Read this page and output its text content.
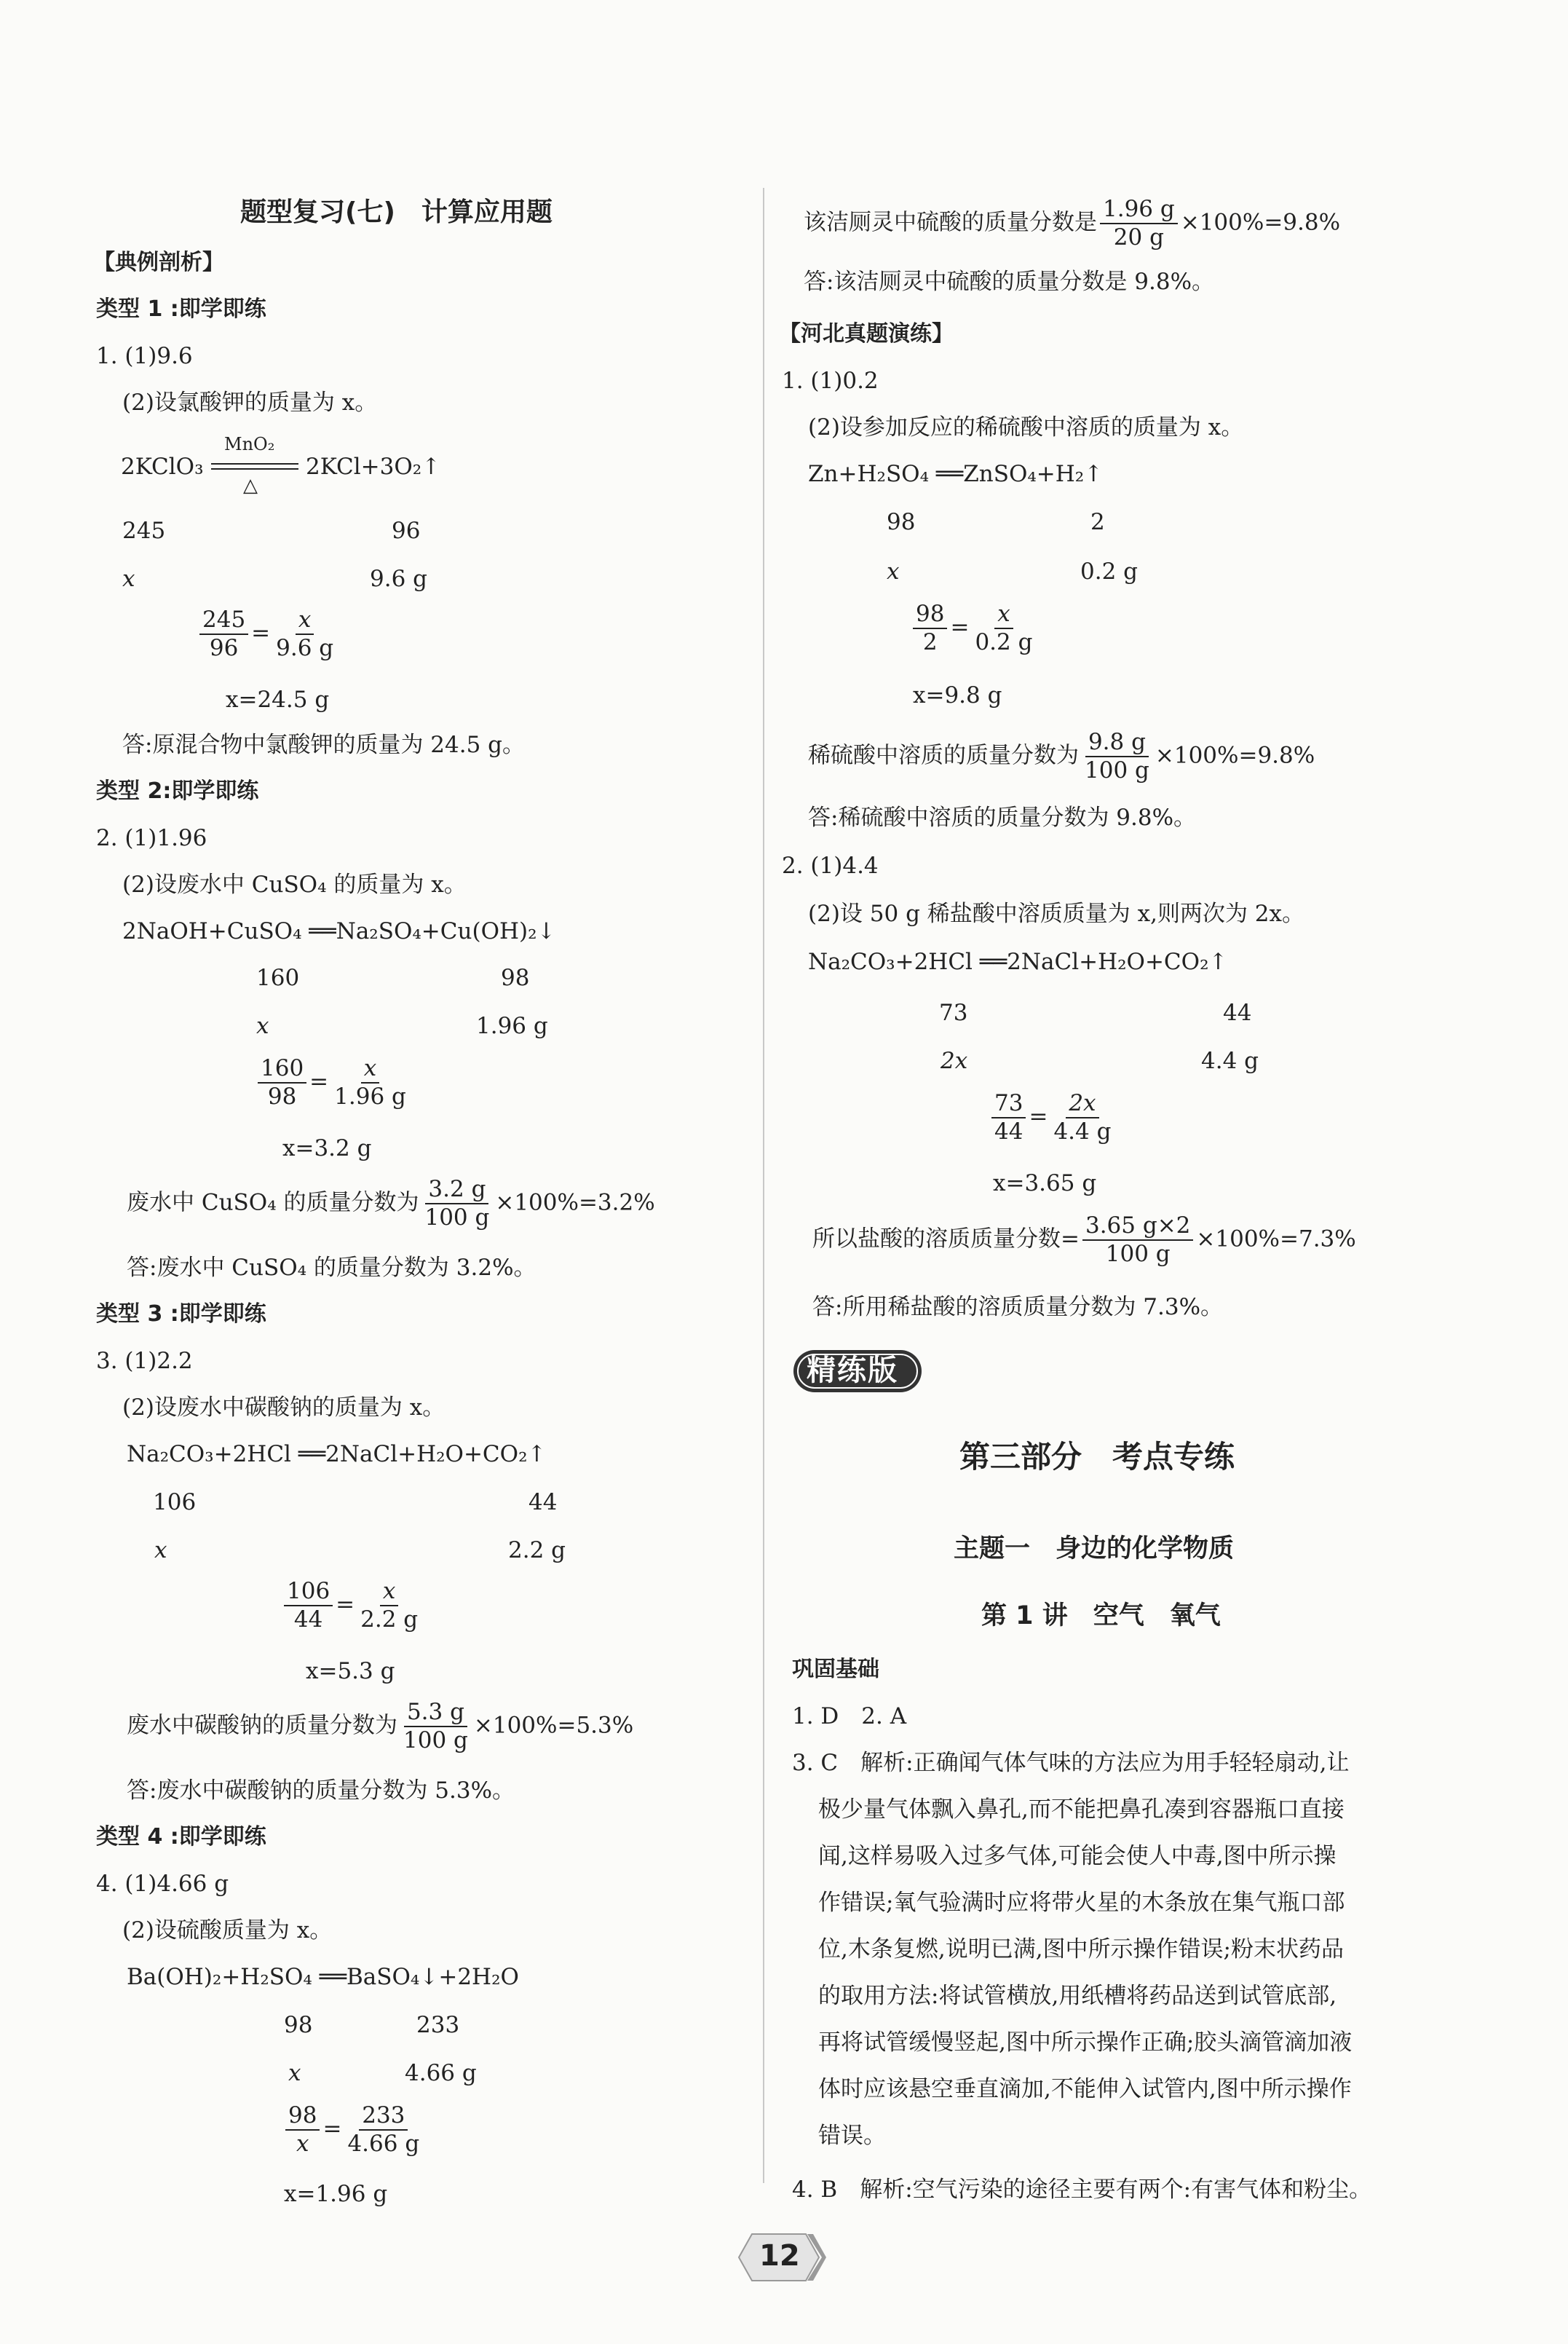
题型复习(七)　计算应用题
【典例剖析】
类型 1 :即学即练
1. (1)9.6
(2)设氯酸钾的质量为 x。
2KClO₃
MnO₂
△
2KCl+3O₂↑
245	96
x	9.6 g
$\frac{245}{96} = \frac{x}{9.6 g}$
x=24.5 g
答:原混合物中氯酸钾的质量为 24.5 g。
类型 2:即学即练
2. (1)1.96
(2)设废水中 CuSO₄ 的质量为 x。
2NaOH+CuSO₄ ══Na₂SO₄+Cu(OH)₂↓
160	98
x	1.96 g
$\frac{160}{98} = \frac{x}{1.96 g}$
x=3.2 g
废水中 CuSO₄ 的质量分数为 $\frac{3.2 g}{100 g} \times 100\%=3.2\%$
答:废水中 CuSO₄ 的质量分数为 3.2%。
类型 3 :即学即练
3. (1)2.2
(2)设废水中碳酸钠的质量为 x。
Na₂CO₃+2HCl ══2NaCl+H₂O+CO₂↑
106	44
x	2.2 g
$\frac{106}{44} = \frac{x}{2.2 g}$
x=5.3 g
废水中碳酸钠的质量分数为 $\frac{5.3 g}{100 g} \times 100\%=5.3\%$
答:废水中碳酸钠的质量分数为 5.3%。
类型 4 :即学即练
4. (1)4.66 g
(2)设硫酸质量为 x。
Ba(OH)₂+H₂SO₄ ══BaSO₄↓+2H₂O
98	233
x	4.66 g
$\frac{98}{x} = \frac{233}{4.66 g}$
x=1.96 g
该洁厕灵中硫酸的质量分数是 $\frac{1.96 g}{20 g} \times 100\%=9.8\%$
答:该洁厕灵中硫酸的质量分数是 9.8%。
【河北真题演练】
1. (1)0.2
(2)设参加反应的稀硫酸中溶质的质量为 x。
Zn+H₂SO₄ ══ZnSO₄+H₂↑
98	2
x	0.2 g
$\frac{98}{2} = \frac{x}{0.2 g}$
x=9.8 g
稀硫酸中溶质的质量分数为 $\frac{9.8 g}{100 g} \times 100\%=9.8\%$
答:稀硫酸中溶质的质量分数为 9.8%。
2. (1)4.4
(2)设 50 g 稀盐酸中溶质质量为 x,则两次为 2x。
Na₂CO₃+2HCl ══2NaCl+H₂O+CO₂↑
73	44
2x	4.4 g
$\frac{73}{44} = \frac{2x}{4.4 g}$
x=3.65 g
所以盐酸的溶质质量分数= $\frac{3.65 g\times 2}{100 g} \times 100\%=7.3\%$
答:所用稀盐酸的溶质质量分数为 7.3%。
精练版
第三部分　考点专练
主题一　身边的化学物质
第 1 讲　空气　氧气
巩固基础
1. D　2. A
3. C　解析:正确闻气体气味的方法应为用手轻轻扇动,让
极少量气体飘入鼻孔,而不能把鼻孔凑到容器瓶口直接
闻,这样易吸入过多气体,可能会使人中毒,图中所示操
作错误;氧气验满时应将带火星的木条放在集气瓶口部
位,木条复燃,说明已满,图中所示操作错误;粉末状药品
的取用方法:将试管横放,用纸槽将药品送到试管底部,
再将试管缓慢竖起,图中所示操作正确;胶头滴管滴加液
体时应该悬空垂直滴加,不能伸入试管内,图中所示操作
错误。
4. B　解析:空气污染的途径主要有两个:有害气体和粉尘。
12
